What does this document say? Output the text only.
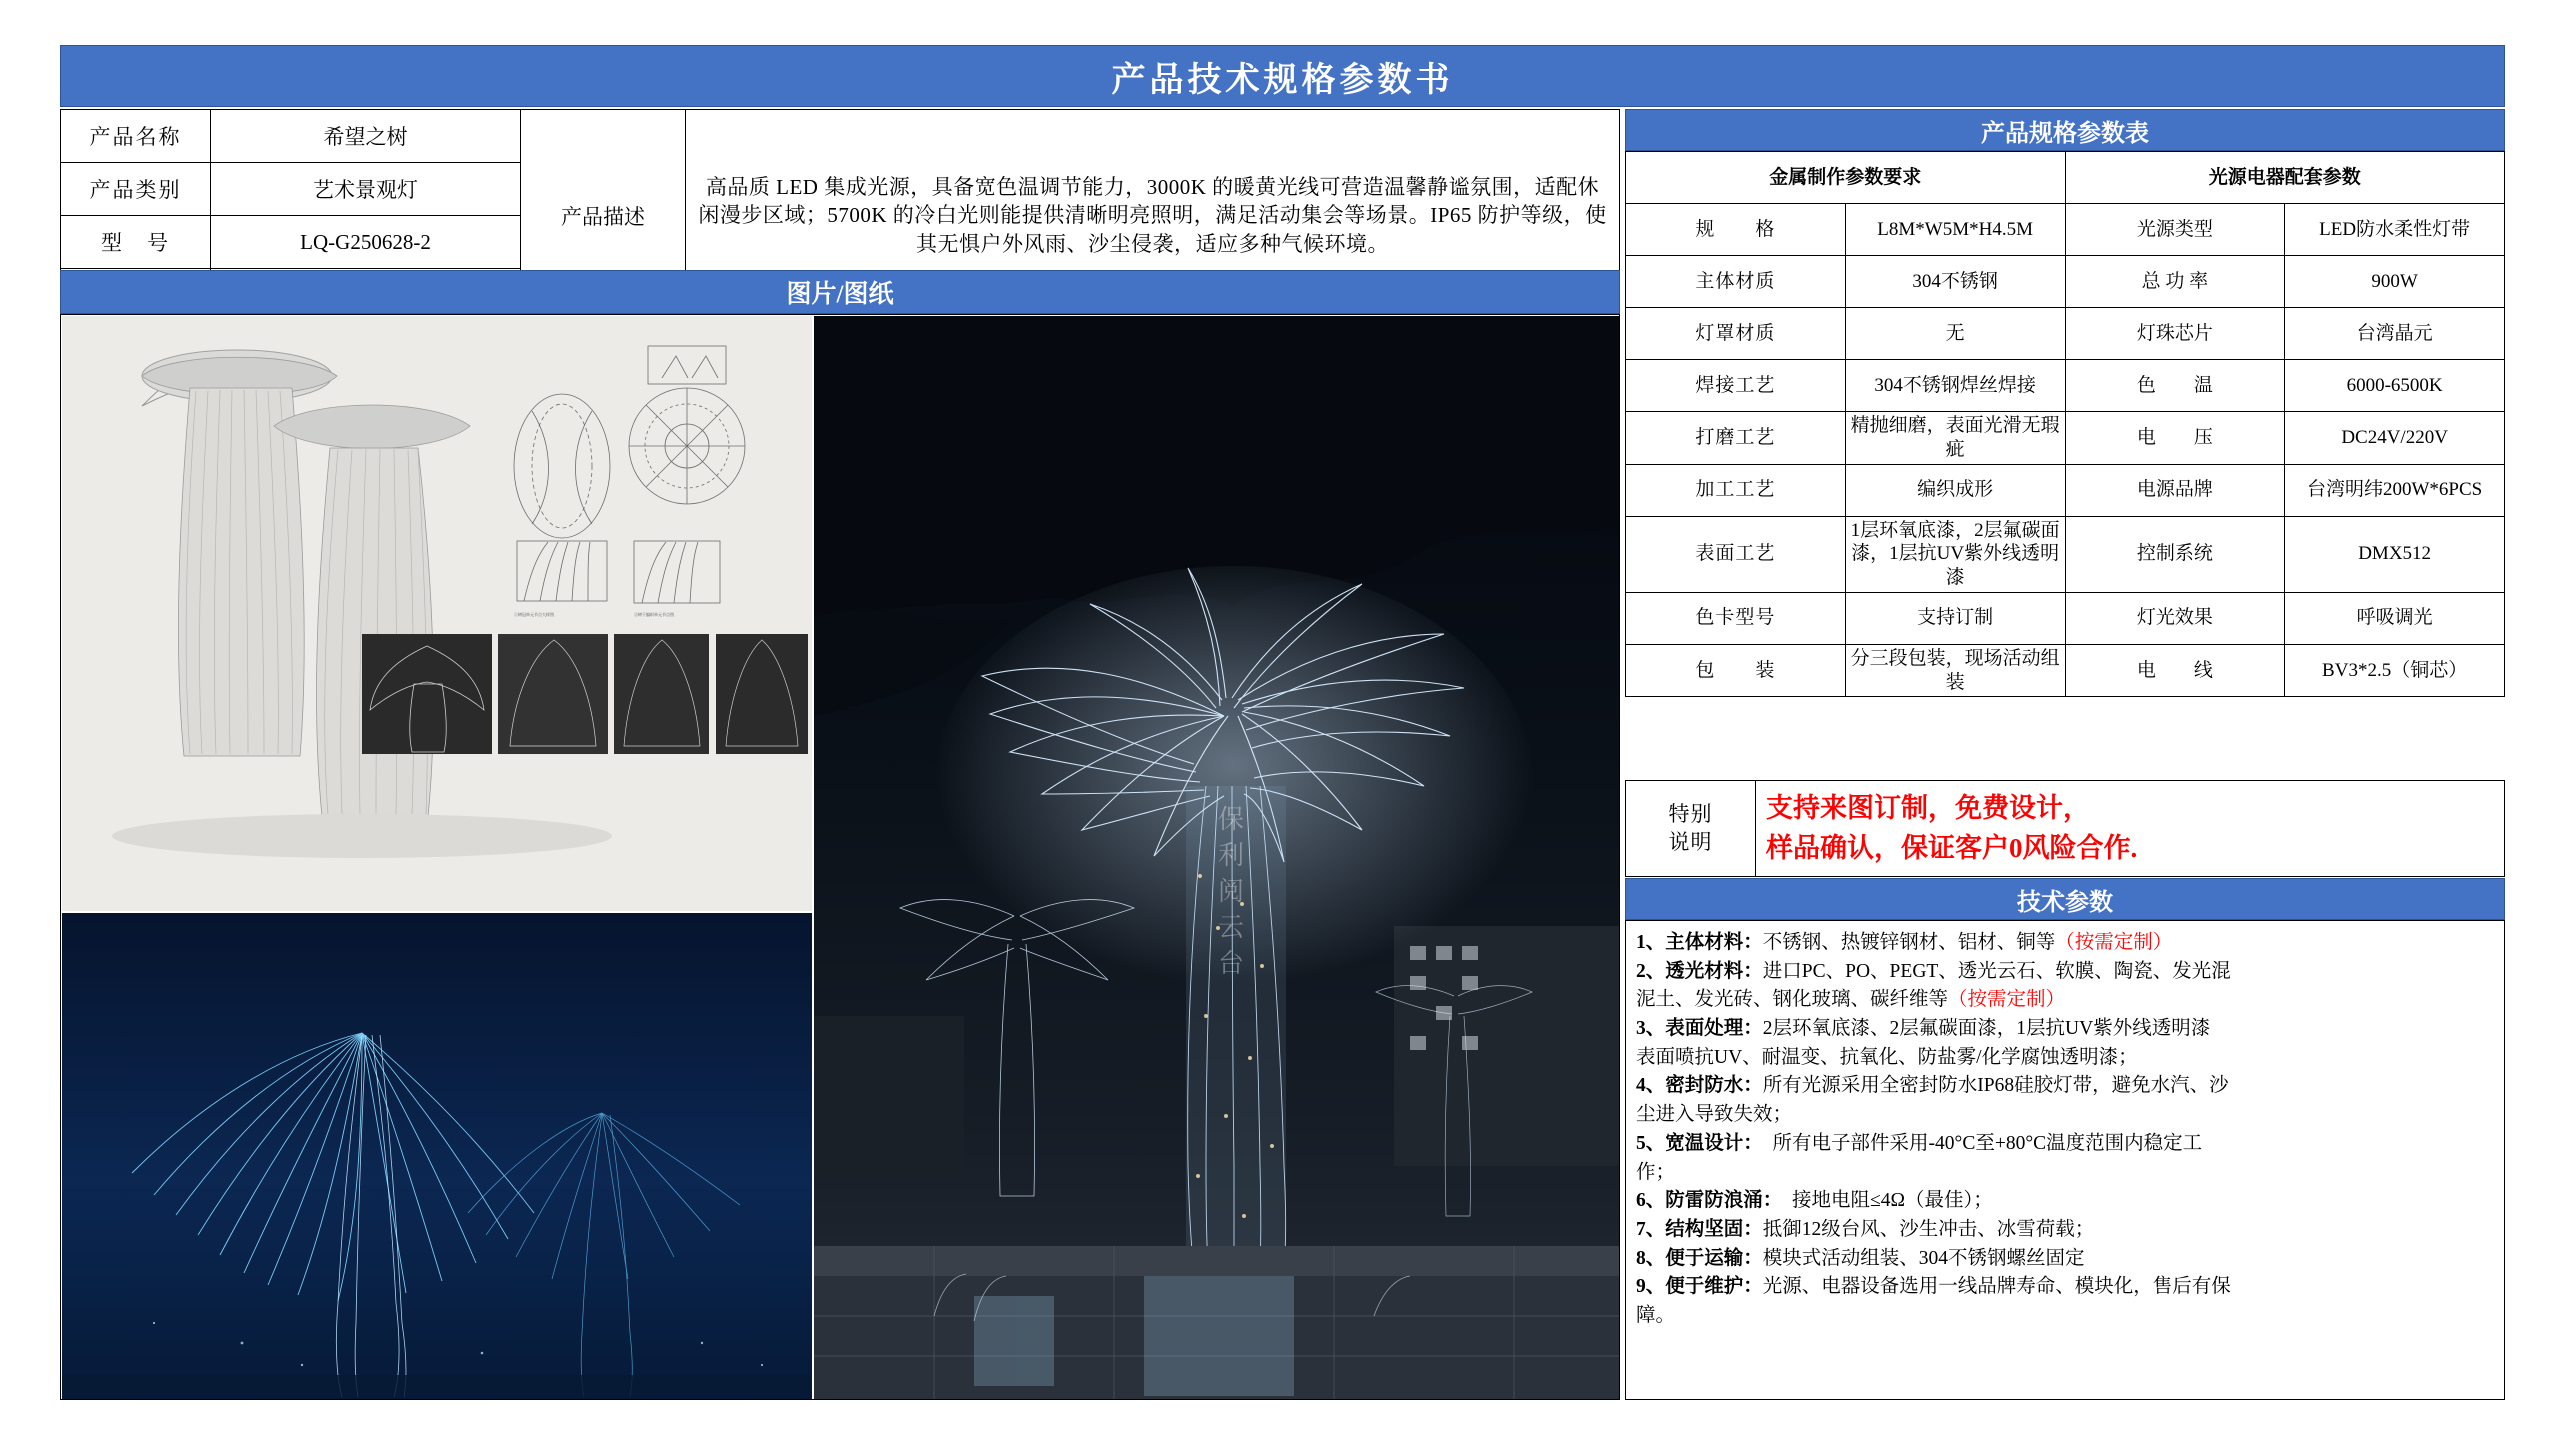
产品技术规格参数书
产品名称	希望之树	产品描述	高品质 LED 集成光源，具备宽色温调节能力，3000K 的暖黄光线可营造温馨静谧氛围，适配休闲漫步区域；5700K 的冷白光则能提供清晰明亮照明，满足活动集会等场景。IP65 防护等级，使其无惧户外风雨、沙尘侵袭，适应多种气候环境。
产品类别	艺术景观灯		
型　号	LQ-G250628-2		

图片/图纸
①树冠单元节点大样图	②树干编织单元节点图
保
利
阅
云
台
产品规格参数表
金属制作参数要求		光源电器配套参数	
规　　格	L8M*W5M*H4.5M	光源类型	LED防水柔性灯带
主体材质	304不锈钢	总 功 率	900W
灯罩材质	无	灯珠芯片	台湾晶元
焊接工艺	304不锈钢焊丝焊接	色　　温	6000-6500K
打磨工艺	精抛细磨，表面光滑无瑕疵	电　　压	DC24V/220V
加工工艺	编织成形	电源品牌	台湾明纬200W*6PCS
表面工艺	1层环氧底漆，2层氟碳面漆，1层抗UV紫外线透明漆	控制系统	DMX512
色卡型号	支持订制	灯光效果	呼吸调光
包　　装	分三段包装，现场活动组装	电　　线	BV3*2.5（铜芯）
特别
说明

支持来图订制，免费设计，
样品确认，保证客户0风险合作.
技术参数
1、主体材料：不锈钢、热镀锌钢材、铝材、铜等（按需定制）
2、透光材料：进口PC、PO、PEGT、透光云石、软膜、陶瓷、发光混
泥土、发光砖、钢化玻璃、碳纤维等（按需定制）
3、表面处理：2层环氧底漆、2层氟碳面漆，1层抗UV紫外线透明漆
表面喷抗UV、耐温变、抗氧化、防盐雾/化学腐蚀透明漆；
4、密封防水：所有光源采用全密封防水IP68硅胶灯带，避免水汽、沙
尘进入导致失效；
5、宽温设计：　所有电子部件采用-40°C至+80°C温度范围内稳定工
作；
6、防雷防浪涌：　接地电阻≤4Ω（最佳）；
7、结构坚固：抵御12级台风、沙生冲击、冰雪荷载；
8、便于运输：模块式活动组装、304不锈钢螺丝固定
9、便于维护：光源、电器设备选用一线品牌寿命、模块化，售后有保
障。
